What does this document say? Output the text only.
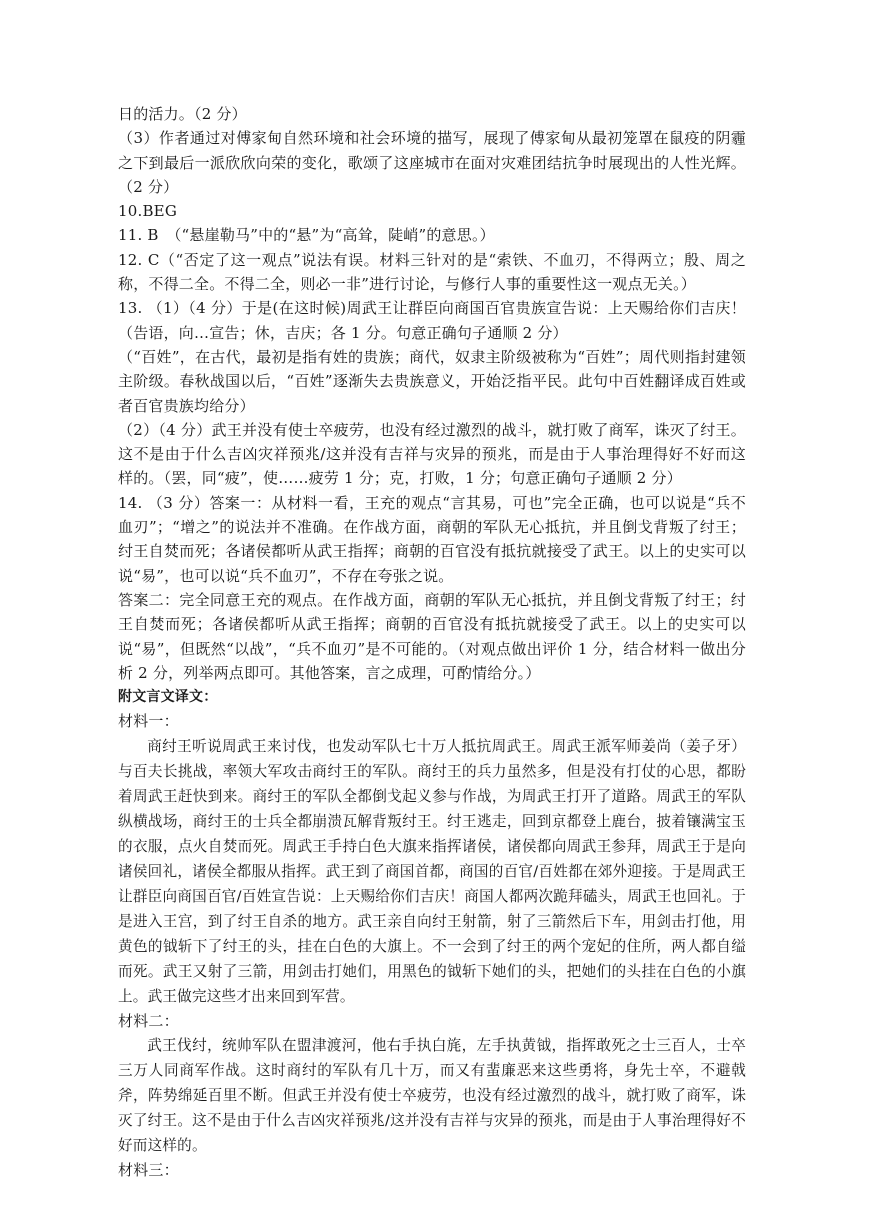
日的活力。（2 分）

（3）作者通过对傅家甸自然环境和社会环境的描写，展现了傅家甸从最初笼罩在鼠疫的阴霾之下到最后一派欣欣向荣的变化，歌颂了这座城市在面对灾难团结抗争时展现出的人性光辉。（2 分）

10.BEG

11. B　（“悬崖勒马”中的“悬”为“高耸，陡峭”的意思。）

12. C（“否定了这一观点”说法有误。材料三针对的是“索铁、不血刃，不得两立；殷、周之称，不得二全。不得二全，则必一非”进行讨论，与修行人事的重要性这一观点无关。）

13. （1）（4 分）于是(在这时候)周武王让群臣向商国百官贵族宣告说：上天赐给你们吉庆！（告语，向…宣告；休，吉庆；各 1 分。句意正确句子通顺 2 分）

（“百姓”，在古代，最初是指有姓的贵族；商代，奴隶主阶级被称为“百姓”；周代则指封建领主阶级。春秋战国以后，“百姓”逐渐失去贵族意义，开始泛指平民。此句中百姓翻译成百姓或者百官贵族均给分）

（2）（4 分）武王并没有使士卒疲劳，也没有经过激烈的战斗，就打败了商军，诛灭了纣王。这不是由于什么吉凶灾祥预兆/这并没有吉祥与灾异的预兆，而是由于人事治理得好不好而这样的。（罢，同“疲”，使……疲劳 1 分；克，打败，1 分；句意正确句子通顺 2 分）

14. （3 分）答案一：从材料一看，王充的观点“言其易，可也”完全正确，也可以说是“兵不血刃”；“增之”的说法并不准确。在作战方面，商朝的军队无心抵抗，并且倒戈背叛了纣王；纣王自焚而死；各诸侯都听从武王指挥；商朝的百官没有抵抗就接受了武王。以上的史实可以说“易”，也可以说“兵不血刃”，不存在夸张之说。

答案二：完全同意王充的观点。在作战方面，商朝的军队无心抵抗，并且倒戈背叛了纣王；纣王自焚而死；各诸侯都听从武王指挥；商朝的百官没有抵抗就接受了武王。以上的史实可以说“易”，但既然“以战”，“兵不血刃”是不可能的。（对观点做出评价 1 分，结合材料一做出分析 2 分，列举两点即可。其他答案，言之成理，可酌情给分。）

附文言文译文：

材料一：

商纣王听说周武王来讨伐，也发动军队七十万人抵抗周武王。周武王派军师姜尚（姜子牙）与百夫长挑战，率领大军攻击商纣王的军队。商纣王的兵力虽然多，但是没有打仗的心思，都盼着周武王赶快到来。商纣王的军队全都倒戈起义参与作战，为周武王打开了道路。周武王的军队纵横战场，商纣王的士兵全都崩溃瓦解背叛纣王。纣王逃走，回到京都登上鹿台，披着镶满宝玉的衣服，点火自焚而死。周武王手持白色大旗来指挥诸侯，诸侯都向周武王参拜，周武王于是向诸侯回礼，诸侯全都服从指挥。武王到了商国首都，商国的百官/百姓都在郊外迎接。于是周武王让群臣向商国百官/百姓宣告说：上天赐给你们吉庆！商国人都两次跪拜磕头，周武王也回礼。于是进入王宫，到了纣王自杀的地方。武王亲自向纣王射箭，射了三箭然后下车，用剑击打他，用黄色的钺斩下了纣王的头，挂在白色的大旗上。不一会到了纣王的两个宠妃的住所，两人都自缢而死。武王又射了三箭，用剑击打她们，用黑色的钺斩下她们的头，把她们的头挂在白色的小旗上。武王做完这些才出来回到军营。

材料二：

武王伐纣，统帅军队在盟津渡河，他右手执白旄，左手执黄钺，指挥敢死之士三百人，士卒三万人同商军作战。这时商纣的军队有几十万，而又有蜚廉恶来这些勇将，身先士卒，不避戟斧，阵势绵延百里不断。但武王并没有使士卒疲劳，也没有经过激烈的战斗，就打败了商军，诛灭了纣王。这不是由于什么吉凶灾祥预兆/这并没有吉祥与灾异的预兆，而是由于人事治理得好不好而这样的。

材料三：
